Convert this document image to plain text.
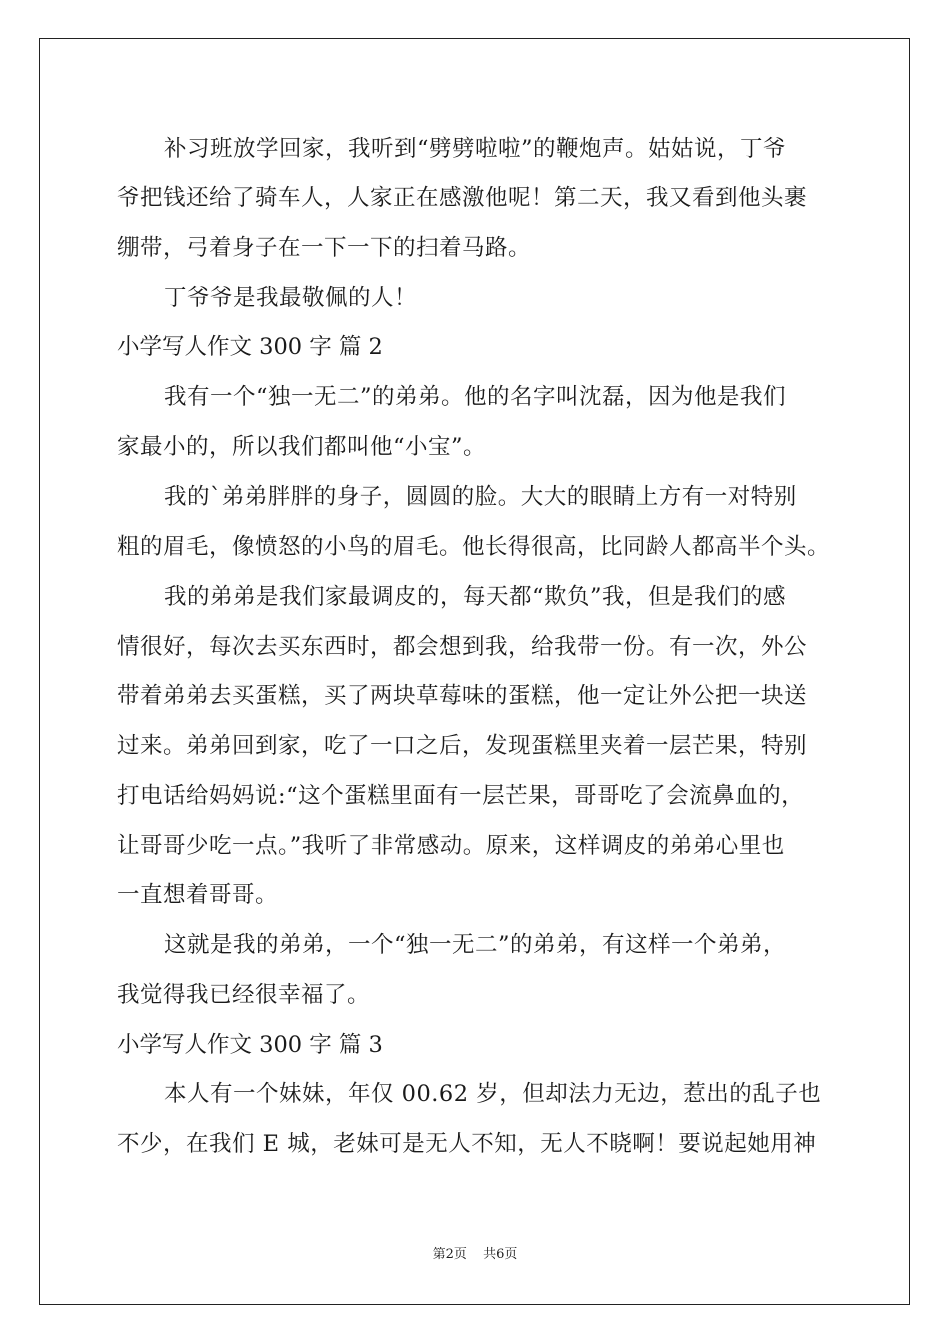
补习班放学回家，我听到“劈劈啦啦”的鞭炮声。姑姑说，丁爷

爷把钱还给了骑车人，人家正在感激他呢！第二天，我又看到他头裹

绷带，弓着身子在一下一下的扫着马路。

丁爷爷是我最敬佩的人！

小学写人作文 300 字 篇 2

我有一个“独一无二”的弟弟。他的名字叫沈磊，因为他是我们

家最小的，所以我们都叫他“小宝”。

我的`弟弟胖胖的身子，圆圆的脸。大大的眼睛上方有一对特别

粗的眉毛，像愤怒的小鸟的眉毛。他长得很高，比同龄人都高半个头。

我的弟弟是我们家最调皮的，每天都“欺负”我，但是我们的感

情很好，每次去买东西时，都会想到我，给我带一份。有一次，外公

带着弟弟去买蛋糕，买了两块草莓味的蛋糕，他一定让外公把一块送

过来。弟弟回到家，吃了一口之后，发现蛋糕里夹着一层芒果，特别

打电话给妈妈说:“这个蛋糕里面有一层芒果，哥哥吃了会流鼻血的，

让哥哥少吃一点。”我听了非常感动。原来，这样调皮的弟弟心里也

一直想着哥哥。

这就是我的弟弟，一个“独一无二”的弟弟，有这样一个弟弟，

我觉得我已经很幸福了。

小学写人作文 300 字 篇 3

本人有一个妹妹，年仅 00.62 岁，但却法力无边，惹出的乱子也

不少，在我们 E 城，老妹可是无人不知，无人不晓啊！要说起她用神

第2页 共6页
